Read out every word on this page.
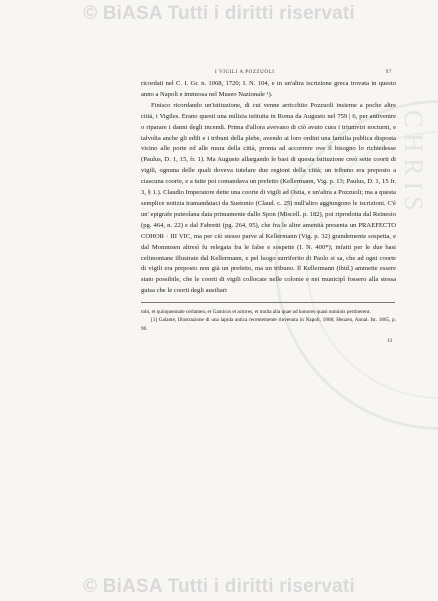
© BiASA Tutti i diritti riservati
CHRIS
I VIGILI A POZZUOLI	97

ricordati nel C. I. Gr. n. 1068, 1720; I. N. 104, e in un'altra iscrizione greca trovata in questo anno a Napoli e immessa nel Museo Nazionale ¹).

Finisco ricordando un'istituzione, di cui venne arricchito Pozzuoli insieme a poche altre città, i Vigiles. Erano questi una milizia istituita in Roma da Augusto nel 759 | 6, per antivenire o riparare i danni degli incendi. Prima d'allora avevano di ciò avuto cura i triumviri nocturni, e talvolta anche gli edili e i tribuni della plebe, avendo ai loro ordini una familia publica disposta vicino alle porte ed alle mura della città, pronta ad accorrere ove il bisogno lo richiedesse (Paulus, D. 1, 15, fr. 1). Ma Augusto allargando le basi di questa istituzione creò sette coorti di vigili, ognuna delle quali doveva tutelare due regioni della città; un tribuno era preposto a ciascuna coorte, e a tutte poi comandava un prefetto (Kellermann, Vig. p. 13; Paulus, D. 1, 15 fr. 3, § 1.). Claudio Imperatore dette una coorte di vigili ad Ostia, e un'altra a Pozzuoli; ma a questa semplice notizia tramandataci da Suetonio (Claud. c. 25) null'altro aggiungono le iscrizioni. C'è un' epigrafe puteolana data primamente dallo Spon (Miscell. p. 182), poi riprodotta dal Reinesio (pg. 464, n. 22) e dal Fabretti (pg. 264, 95), che fra le altre amenità presenta un PRAEFECTO COHOR · III VIC, ma per ciò stesso parve al Kellermann (Vig. p. 32) grandemente sospetta, e dal Mommsen altresì fu relegata fra le false e sospette (I. N. 400*); infatti per le due basi celimontane illustrate dal Kellermann, e pel luogo surriferito di Paolo si sa, che ad ogni coorte di vigili era preposto non già un prefetto, ma un tribuno. Il Kellermann (ibid.) ammette essere stato possibile, che le coorti di vigili collocate nelle colonie e nei municipî fossero alla stessa guisa che le coorti degli ausiliari

tobi, et quinquennale cerlamen, et Gamicos et actores, et multa alia quae ad honores quasi numinis pertinerent.

[1] Galante, Illustrazione di una lapida antica recentemente rinvenuta in Napoli, 1868; Henzen, Annal. Ist. 1865, p. 96.

13
© BiASA Tutti i diritti riservati
